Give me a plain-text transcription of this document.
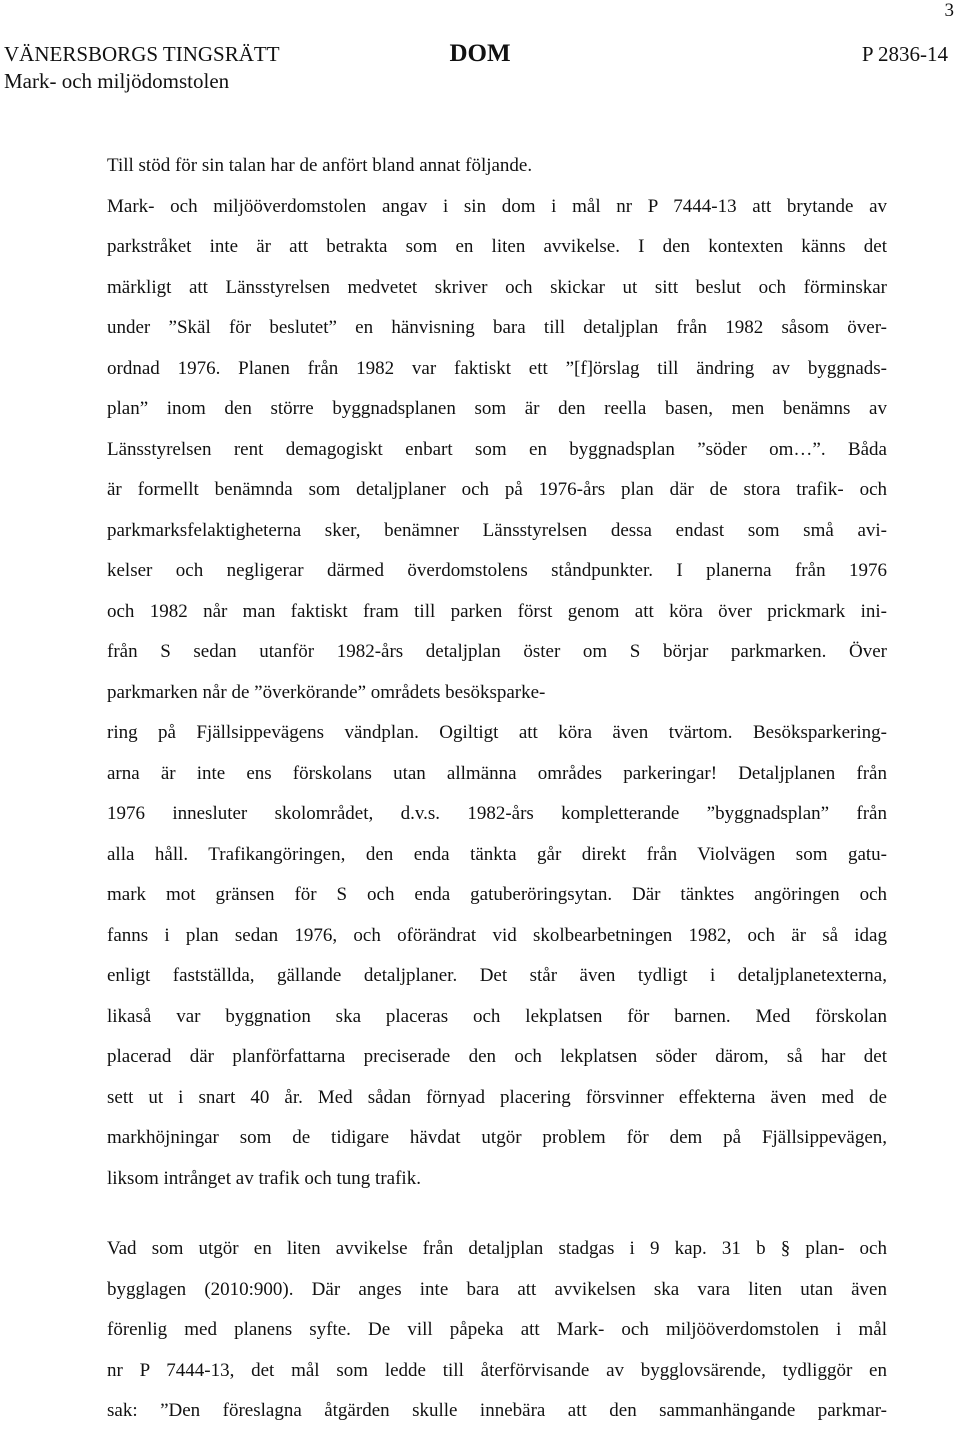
3
VÄNERSBORGS TINGSRÄTT
Mark- och miljödomstolen
DOM	P 2836-14
Till stöd för sin talan har de anfört bland annat följande.
Mark- och miljööverdomstolen angav i sin dom i mål nr P 7444-13 att brytande av
parkstråket inte är att betrakta som en liten avvikelse. I den kontexten känns det
märkligt att Länsstyrelsen medvetet skriver och skickar ut sitt beslut och förminskar
under ”Skäl för beslutet” en hänvisning bara till detaljplan från 1982 såsom över-
ordnad 1976. Planen från 1982 var faktiskt ett ”[f]örslag till ändring av byggnads-
plan” inom den större byggnadsplanen som är den reella basen, men benämns av
Länsstyrelsen rent demagogiskt enbart som en byggnadsplan ”söder om…”. Båda
är formellt benämnda som detaljplaner och på 1976-års plan där de stora trafik- och
parkmarksfelaktigheterna sker, benämner Länsstyrelsen dessa endast som små avi-
kelser och negligerar därmed överdomstolens ståndpunkter. I planerna från 1976
och 1982 når man faktiskt fram till parken först genom att köra över prickmark ini-
från S sedan utanför 1982-års detaljplan öster om S börjar parkmarken. Över
parkmarken når de ”överkörande” områdets besöksparke-
ring på Fjällsippevägens vändplan. Ogiltigt att köra även tvärtom. Besöksparkering-
arna är inte ens förskolans utan allmänna områdes parkeringar! Detaljplanen från
1976 innesluter skolområdet, d.v.s. 1982-års kompletterande ”byggnadsplan” från
alla håll. Trafikangöringen, den enda tänkta går direkt från Violvägen som gatu-
mark mot gränsen för S och enda gatuberöringsytan. Där tänktes angöringen och
fanns i plan sedan 1976, och oförändrat vid skolbearbetningen 1982, och är så idag
enligt fastställda, gällande detaljplaner. Det står även tydligt i detaljplanetexterna,
likaså var byggnation ska placeras och lekplatsen för barnen. Med förskolan
placerad där planförfattarna preciserade den och lekplatsen söder därom, så har det
sett ut i snart 40 år. Med sådan förnyad placering försvinner effekterna även med de
markhöjningar som de tidigare hävdat utgör problem för dem på Fjällsippevägen,
liksom intrånget av trafik och tung trafik.
Vad som utgör en liten avvikelse från detaljplan stadgas i 9 kap. 31 b § plan- och
bygglagen (2010:900). Där anges inte bara att avvikelsen ska vara liten utan även
förenlig med planens syfte. De vill påpeka att Mark- och miljööverdomstolen i mål
nr P 7444-13, det mål som ledde till återförvisande av bygglovsärende, tydliggör en
sak: ”Den föreslagna åtgärden skulle innebära att den sammanhängande parkmar-
